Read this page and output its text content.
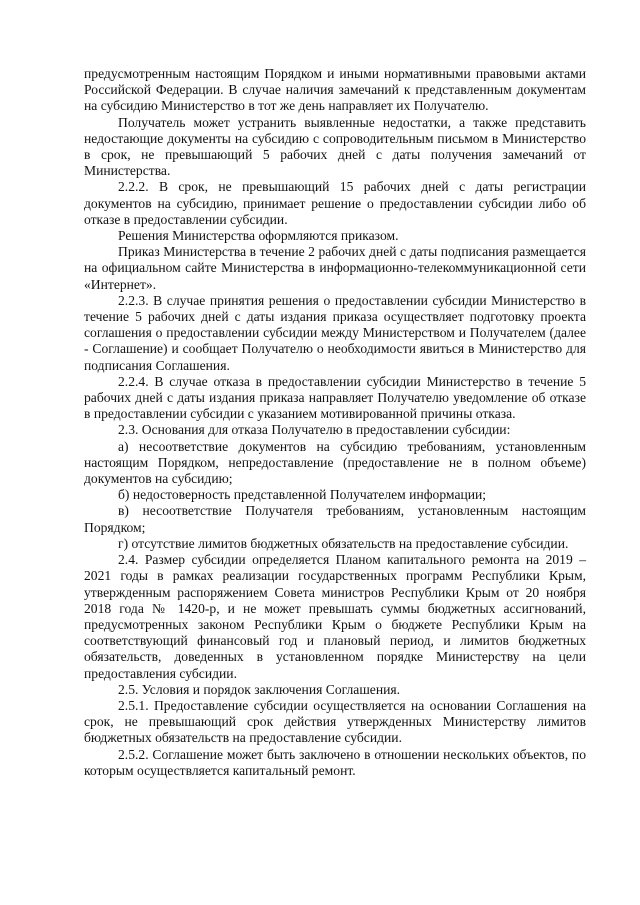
предусмотренным настоящим Порядком и иными нормативными правовыми актами Российской Федерации. В случае наличия замечаний к представленным документам на субсидию Министерство в тот же день направляет их Получателю.

Получатель может устранить выявленные недостатки, а также представить недостающие документы на субсидию с сопроводительным письмом в Министерство в срок, не превышающий 5 рабочих дней с даты получения замечаний от Министерства.

2.2.2. В срок, не превышающий 15 рабочих дней с даты регистрации документов на субсидию, принимает решение о предоставлении субсидии либо об отказе в предоставлении субсидии.

Решения Министерства оформляются приказом.

Приказ Министерства в течение 2 рабочих дней с даты подписания размещается на официальном сайте Министерства в информационно-телекоммуникационной сети «Интернет».

2.2.3. В случае принятия решения о предоставлении субсидии Министерство в течение 5 рабочих дней с даты издания приказа осуществляет подготовку проекта соглашения о предоставлении субсидии между Министерством и Получателем (далее - Соглашение) и сообщает Получателю о необходимости явиться в Министерство для подписания Соглашения.

2.2.4. В случае отказа в предоставлении субсидии Министерство в течение 5 рабочих дней с даты издания приказа направляет Получателю уведомление об отказе в предоставлении субсидии с указанием мотивированной причины отказа.

2.3. Основания для отказа Получателю в предоставлении субсидии:

а) несоответствие документов на субсидию требованиям, установленным настоящим Порядком, непредоставление (предоставление не в полном объеме) документов на субсидию;

б) недостоверность представленной Получателем информации;

в) несоответствие Получателя требованиям, установленным настоящим Порядком;

г) отсутствие лимитов бюджетных обязательств на предоставление субсидии.

2.4. Размер субсидии определяется Планом капитального ремонта на 2019 – 2021 годы в рамках реализации государственных программ Республики Крым, утвержденным распоряжением Совета министров Республики Крым от 20 ноября 2018 года № 1420-р, и не может превышать суммы бюджетных ассигнований, предусмотренных законом Республики Крым о бюджете Республики Крым на соответствующий финансовый год и плановый период, и лимитов бюджетных обязательств, доведенных в установленном порядке Министерству на цели предоставления субсидии.

2.5. Условия и порядок заключения Соглашения.

2.5.1. Предоставление субсидии осуществляется на основании Соглашения на срок, не превышающий срок действия утвержденных Министерству лимитов бюджетных обязательств на предоставление субсидии.

2.5.2. Соглашение может быть заключено в отношении нескольких объектов, по которым осуществляется капитальный ремонт.
